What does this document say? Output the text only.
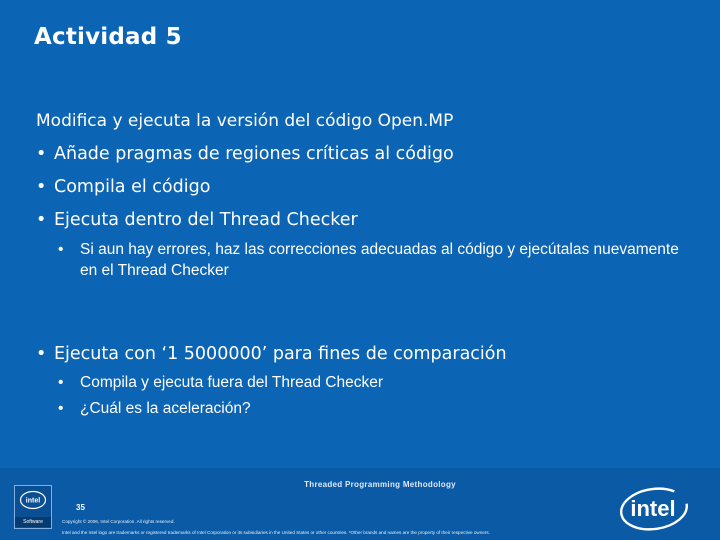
Actividad 5
Modifica y ejecuta la versión del código Open.MP
• Añade pragmas de regiones críticas al código
• Compila el código
• Ejecuta dentro del Thread Checker
• Si aun hay errores, haz las correcciones adecuadas al código y ejecútalas nuevamente en el Thread Checker
• Ejecuta con ‘1 5000000’ para fines de comparación
• Compila y ejecuta fuera del Thread Checker
• ¿Cuál es la aceleración?
Threaded Programming Methodology
35
Copyright © 2006, Intel Corporation. All rights reserved.
Intel and the Intel logo are trademarks or registered trademarks of Intel Corporation or its subsidiaries in the United States or other countries. *Other brands and names are the property of their respective owners.
intel
Software
intel
